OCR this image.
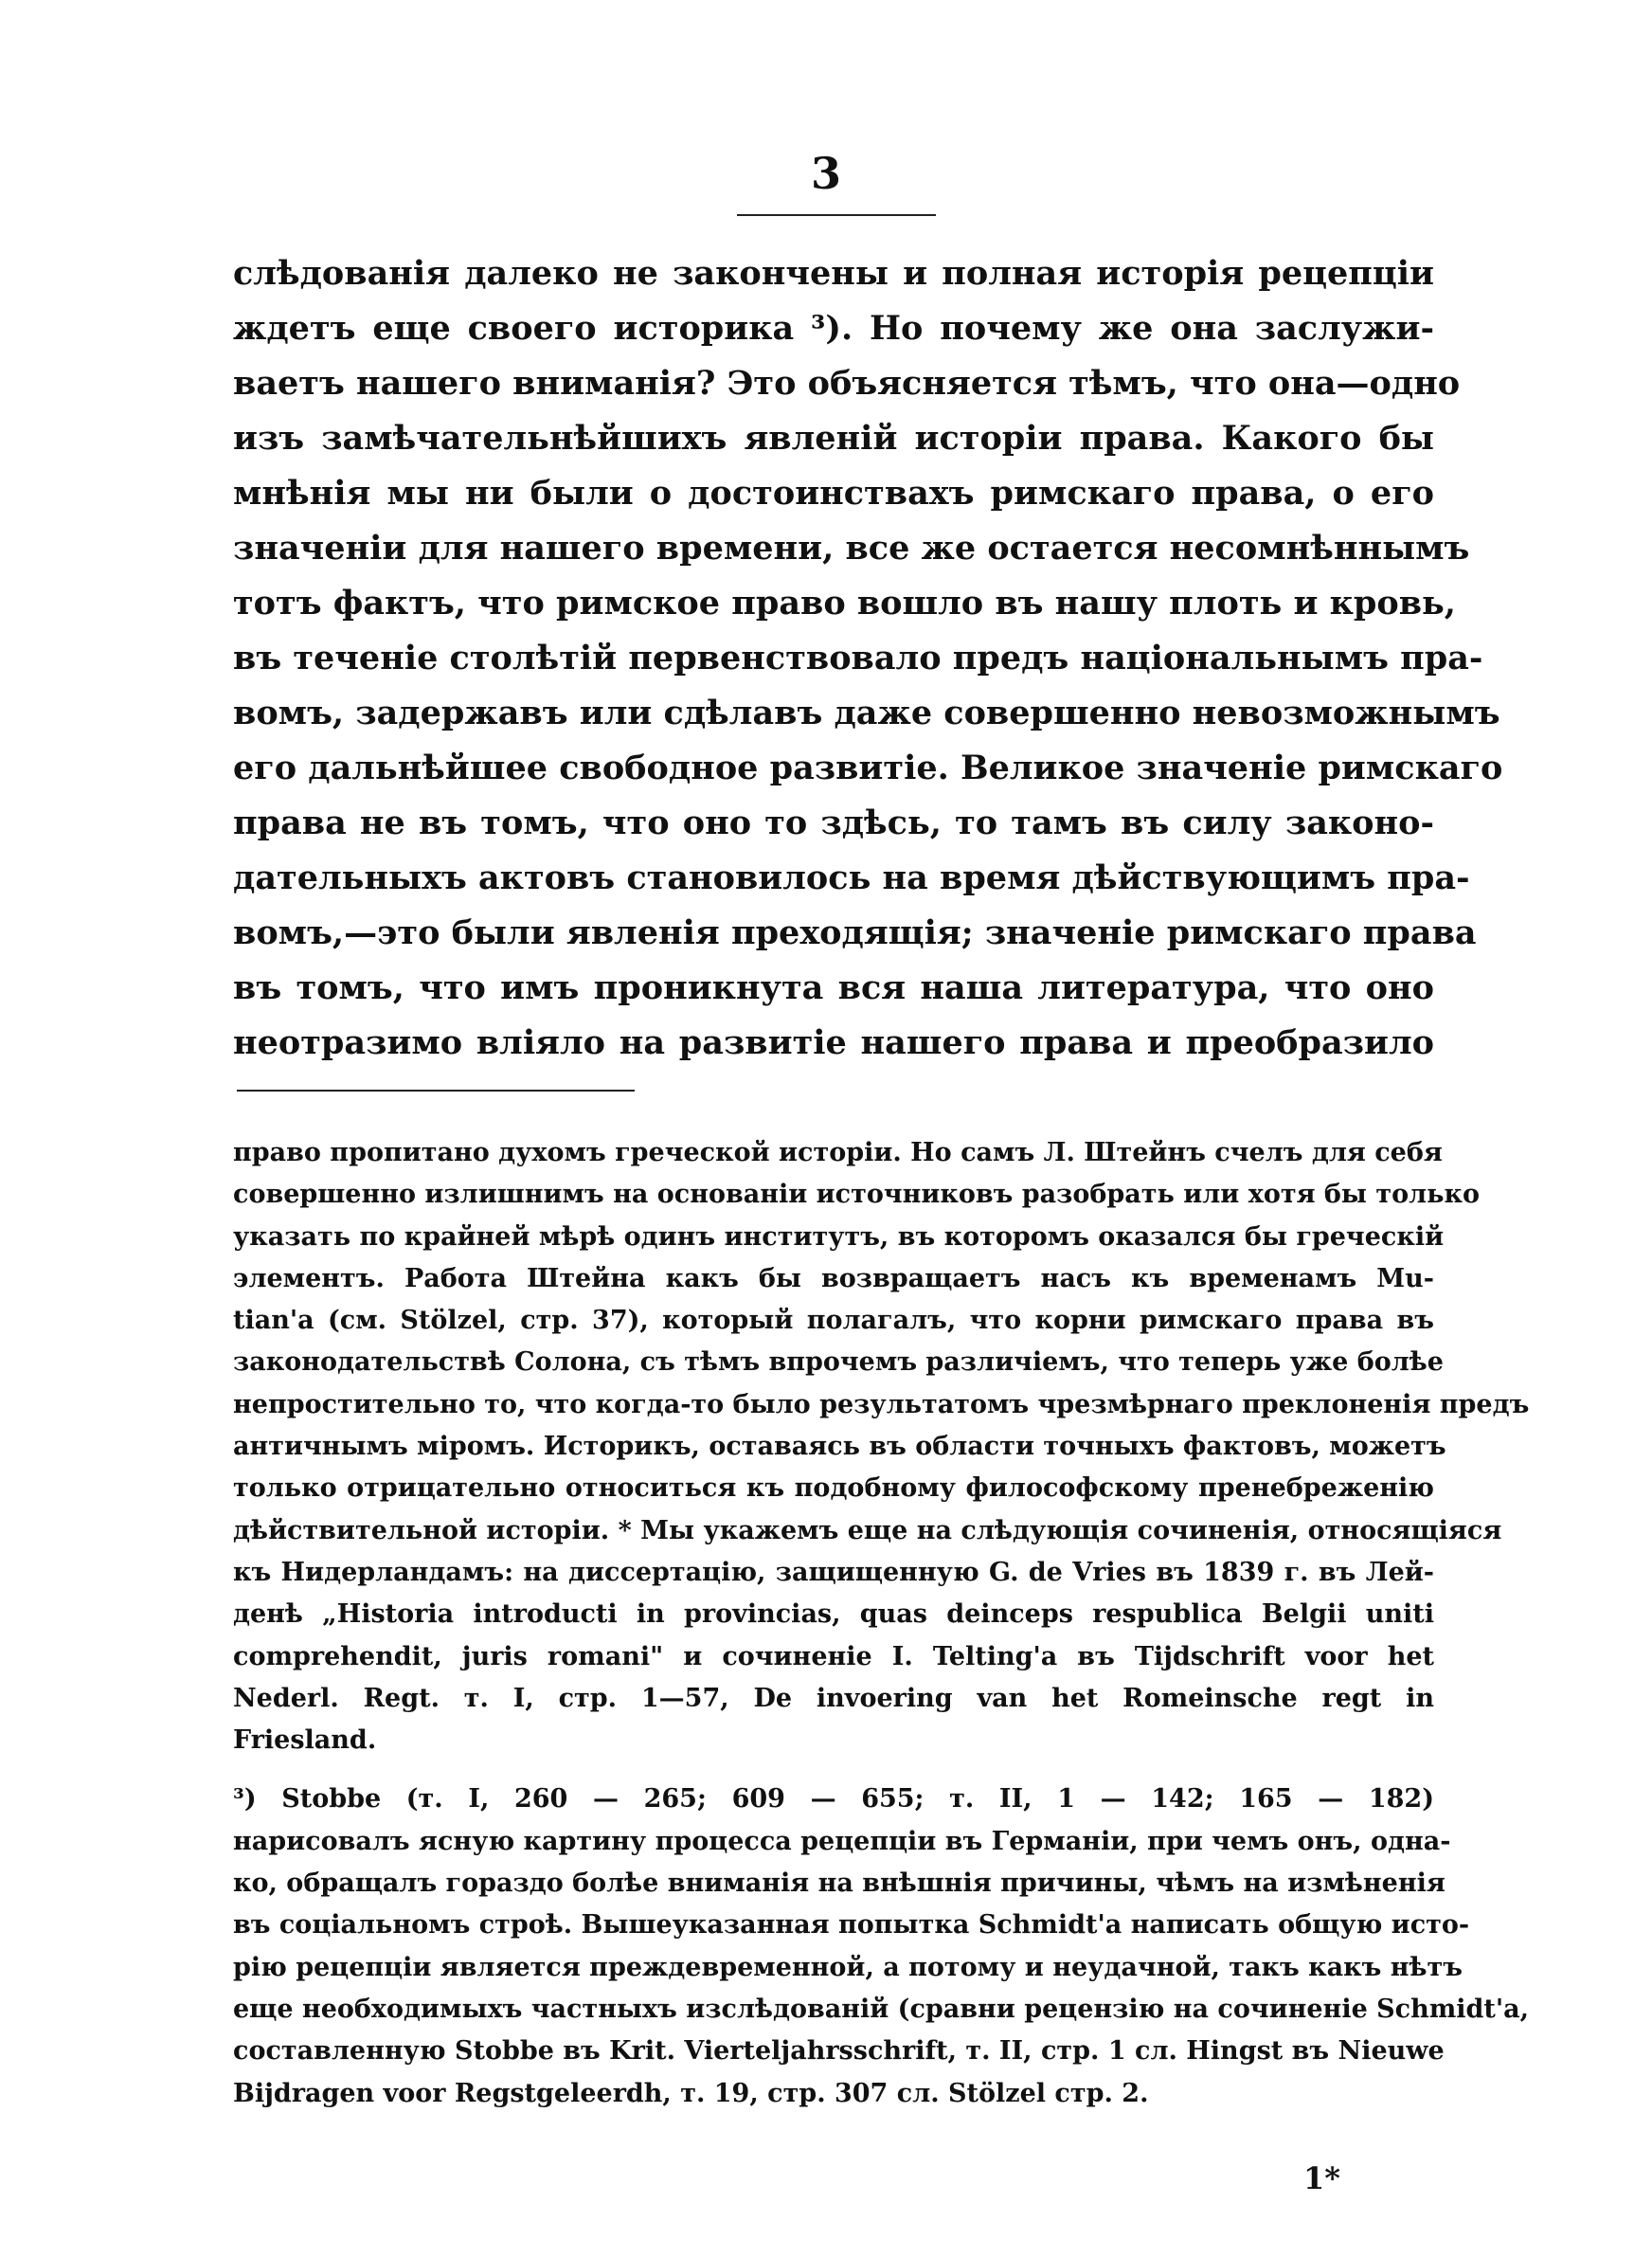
3
слѣдованія далеко не закончены и полная исторія рецепціи
ждетъ еще своего историка ³). Но почему же она заслужи-
ваетъ нашего вниманія? Это объясняется тѣмъ, что она—одно
изъ замѣчательнѣйшихъ явленій исторіи права. Какого бы
мнѣнія мы ни были о достоинствахъ римскаго права, о его
значеніи для нашего времени, все же остается несомнѣннымъ
тотъ фактъ, что римское право вошло въ нашу плоть и кровь,
въ теченіе столѣтій первенствовало предъ національнымъ пра-
вомъ, задержавъ или сдѣлавъ даже совершенно невозможнымъ
его дальнѣйшее свободное развитіе. Великое значеніе римскаго
права не въ томъ, что оно то здѣсь, то тамъ въ силу законо-
дательныхъ актовъ становилось на время дѣйствующимъ пра-
вомъ,—это были явленія преходящія; значеніе римскаго права
въ томъ, что имъ проникнута вся наша литература, что оно
неотразимо вліяло на развитіе нашего права и преобразило
право пропитано духомъ греческой исторіи. Но самъ Л. Штейнъ счелъ для себя
совершенно излишнимъ на основаніи источниковъ разобрать или хотя бы только
указать по крайней мѣрѣ одинъ институтъ, въ которомъ оказался бы греческій
элементъ. Работа Штейна какъ бы возвращаетъ насъ къ временамъ Mu-
tian'a (см. Stölzel, стр. 37), который полагалъ, что корни римскаго права въ
законодательствѣ Солона, съ тѣмъ впрочемъ различіемъ, что теперь уже болѣе
непростительно то, что когда-то было результатомъ чрезмѣрнаго преклоненія предъ
античнымъ міромъ. Историкъ, оставаясь въ области точныхъ фактовъ, можетъ
только отрицательно относиться къ подобному философскому пренебреженію
дѣйствительной исторіи. * Мы укажемъ еще на слѣдующія сочиненія, относящіяся
къ Нидерландамъ: на диссертацію, защищенную G. de Vries въ 1839 г. въ Лей-
денѣ „Historia introducti in provincias, quas deinceps respublica Belgii uniti
comprehendit, juris romani" и сочиненіе I. Telting'a въ Tijdschrift voor het
Nederl. Regt. т. I, стр. 1—57, De invoering van het Romeinsche regt in
Friesland.
³) Stobbe (т. I, 260 — 265; 609 — 655; т. II, 1 — 142; 165 — 182)
нарисовалъ ясную картину процесса рецепціи въ Германіи, при чемъ онъ, одна-
ко, обращалъ гораздо болѣе вниманія на внѣшнія причины, чѣмъ на измѣненія
въ соціальномъ строѣ. Вышеуказанная попытка Schmidt'a написать общую исто-
рію рецепціи является преждевременной, а потому и неудачной, такъ какъ нѣтъ
еще необходимыхъ частныхъ изслѣдованій (сравни рецензію на сочиненіе Schmidt'a,
составленную Stobbe въ Krit. Vierteljahrsschrift, т. II, стр. 1 сл. Hingst въ Nieuwe
Bijdragen voor Regstgeleerdh, т. 19, стр. 307 сл. Stölzel стр. 2.
1*
